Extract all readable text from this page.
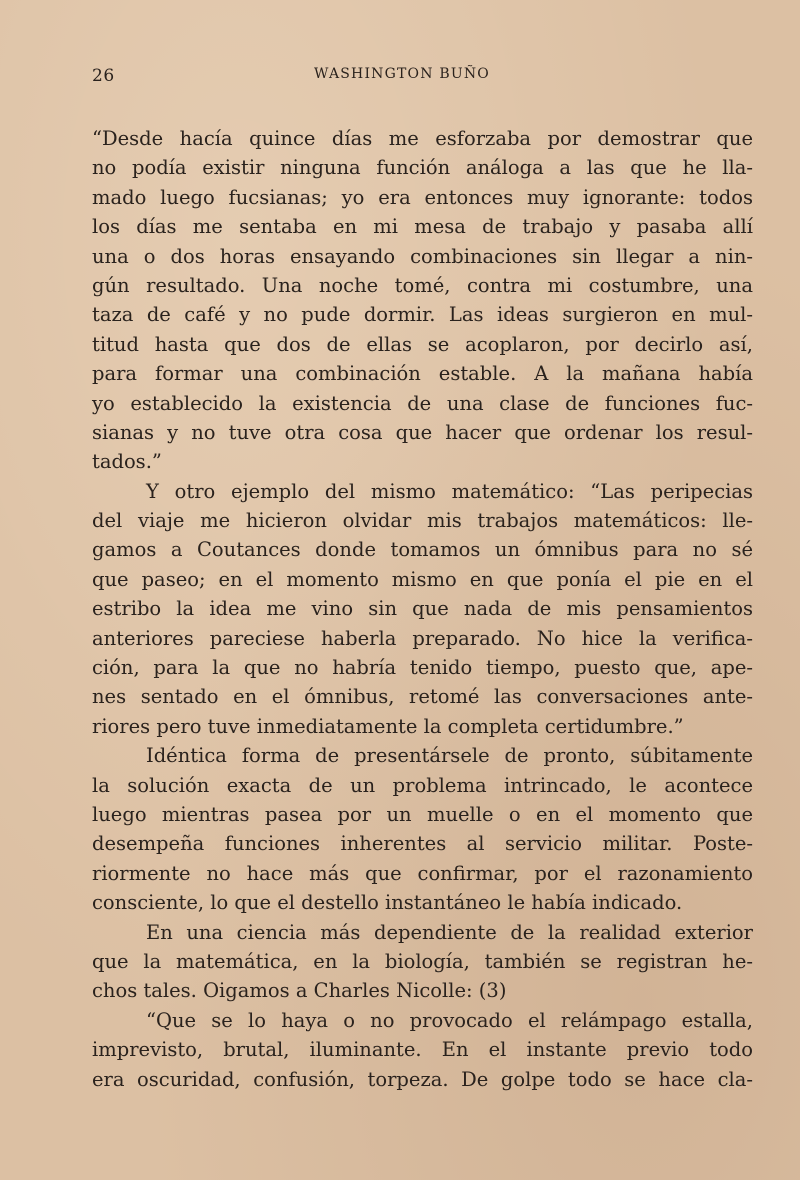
26	WASHINGTON BUÑO
“Desde hacía quince días me esforzaba por demostrar que
no podía existir ninguna función análoga a las que he lla-
mado luego fucsianas; yo era entonces muy ignorante: todos
los días me sentaba en mi mesa de trabajo y pasaba allí
una o dos horas ensayando combinaciones sin llegar a nin-
gún resultado. Una noche tomé, contra mi costumbre, una
taza de café y no pude dormir. Las ideas surgieron en mul-
titud hasta que dos de ellas se acoplaron, por decirlo así,
para formar una combinación estable. A la mañana había
yo establecido la existencia de una clase de funciones fuc-
sianas y no tuve otra cosa que hacer que ordenar los resul-
tados.”
Y otro ejemplo del mismo matemático: “Las peripecias
del viaje me hicieron olvidar mis trabajos matemáticos: lle-
gamos a Coutances donde tomamos un ómnibus para no sé
que paseo; en el momento mismo en que ponía el pie en el
estribo la idea me vino sin que nada de mis pensamientos
anteriores pareciese haberla preparado. No hice la verifica-
ción, para la que no habría tenido tiempo, puesto que, ape-
nes sentado en el ómnibus, retomé las conversaciones ante-
riores pero tuve inmediatamente la completa certidumbre.”
Idéntica forma de presentársele de pronto, súbitamente
la solución exacta de un problema intrincado, le acontece
luego mientras pasea por un muelle o en el momento que
desempeña funciones inherentes al servicio militar. Poste-
riormente no hace más que confirmar, por el razonamiento
consciente, lo que el destello instantáneo le había indicado.
En una ciencia más dependiente de la realidad exterior
que la matemática, en la biología, también se registran he-
chos tales. Oigamos a Charles Nicolle: (3)
“Que se lo haya o no provocado el relámpago estalla,
imprevisto, brutal, iluminante. En el instante previo todo
era oscuridad, confusión, torpeza. De golpe todo se hace cla-
